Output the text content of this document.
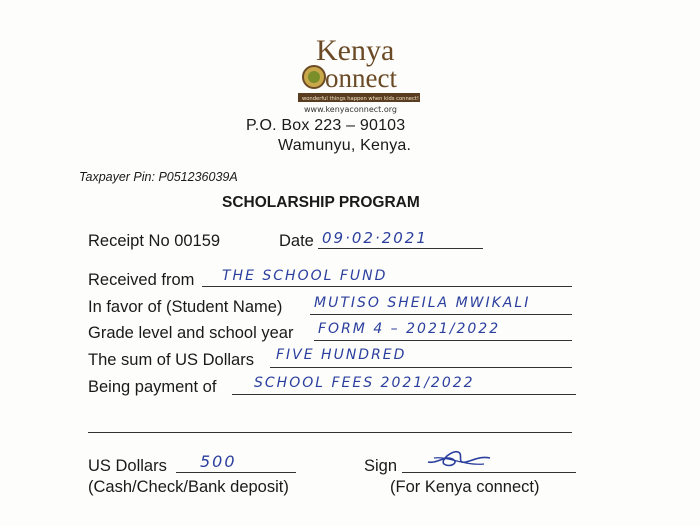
Kenya
onnect
wonderful things happen when kids connect!
www.kenyaconnect.org
P.O. Box 223 – 90103
Wamunyu, Kenya.
Taxpayer Pin: P051236039A
SCHOLARSHIP PROGRAM
Receipt No 00159	Date 09·02·2021
Received from THE SCHOOL FUND
In favor of (Student Name) MUTISO SHEILA MWIKALI
Grade level and school year FORM 4 – 2021/2022
The sum of US Dollars FIVE HUNDRED
Being payment of	SCHOOL FEES 2021/2022
US Dollars 500
(Cash/Check/Bank deposit)
Sign
(For Kenya connect)
